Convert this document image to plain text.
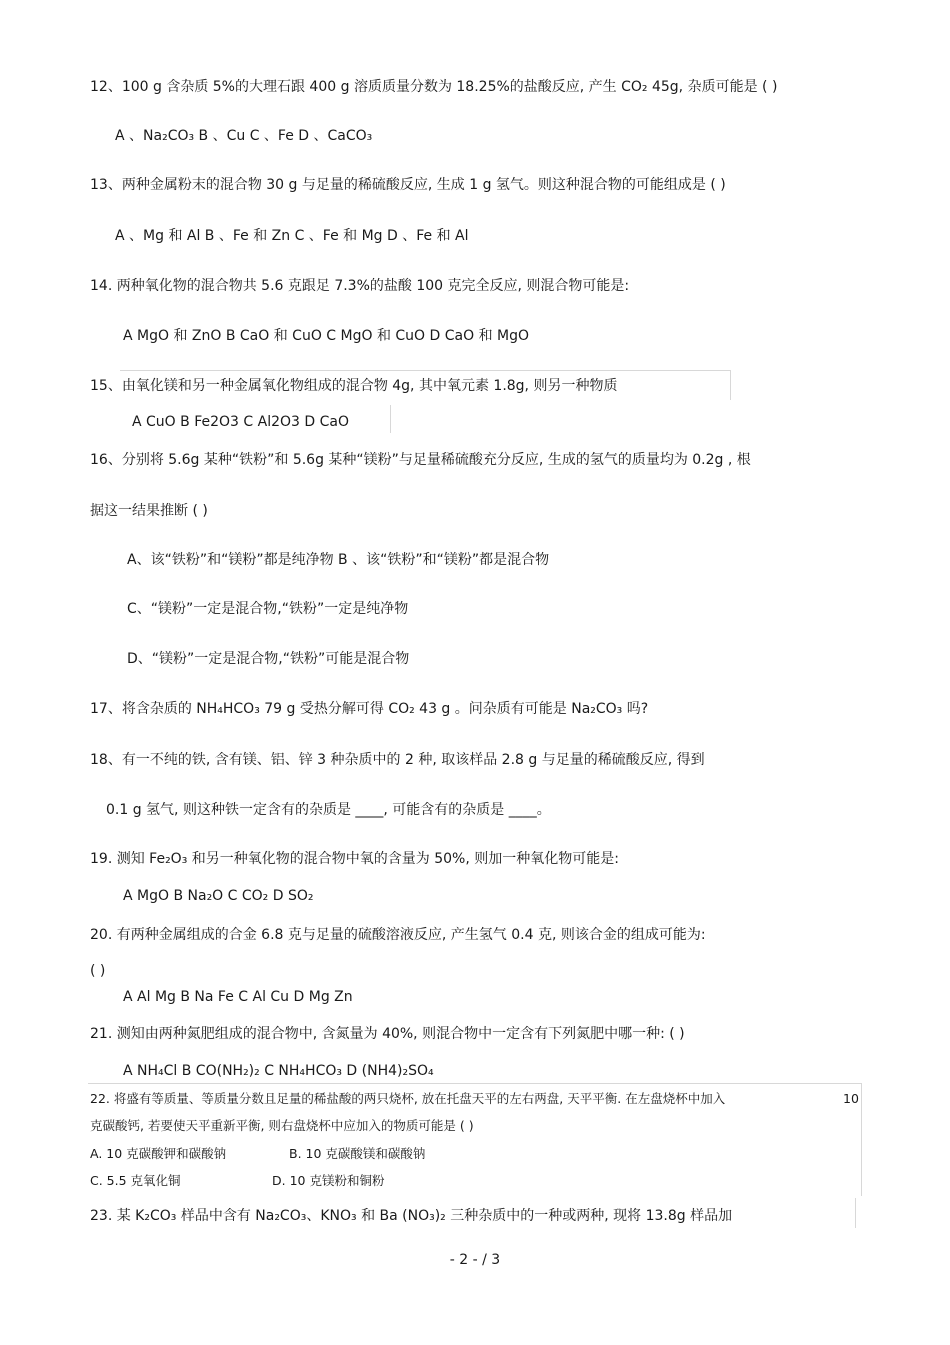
12、100 g 含杂质 5%的大理石跟 400 g 溶质质量分数为 18.25%的盐酸反应, 产生 CO₂ 45g, 杂质可能是 ( )
A 、Na₂CO₃ B 、Cu C 、Fe D 、CaCO₃
13、两种金属粉末的混合物 30 g 与足量的稀硫酸反应, 生成 1 g 氢气。则这种混合物的可能组成是 ( )
A 、Mg 和 Al B 、Fe 和 Zn C 、Fe 和 Mg D 、Fe 和 Al
14. 两种氧化物的混合物共 5.6 克跟足 7.3%的盐酸 100 克完全反应, 则混合物可能是:
A MgO 和 ZnO B CaO 和 CuO C MgO 和 CuO D CaO 和 MgO
15、由氧化镁和另一种金属氧化物组成的混合物 4g, 其中氧元素 1.8g, 则另一种物质
A CuO B Fe2O3 C Al2O3 D CaO
16、分别将 5.6g 某种“铁粉”和 5.6g 某种“镁粉”与足量稀硫酸充分反应, 生成的氢气的质量均为 0.2g , 根
据这一结果推断 ( )
A、该“铁粉”和“镁粉”都是纯净物 B 、该“铁粉”和“镁粉”都是混合物
C、“镁粉”一定是混合物,“铁粉”一定是纯净物
D、“镁粉”一定是混合物,“铁粉”可能是混合物
17、将含杂质的 NH₄HCO₃ 79 g 受热分解可得 CO₂ 43 g 。问杂质有可能是 Na₂CO₃ 吗?
18、有一不纯的铁, 含有镁、铝、锌 3 种杂质中的 2 种, 取该样品 2.8 g 与足量的稀硫酸反应, 得到
0.1 g 氢气, 则这种铁一定含有的杂质是 ____, 可能含有的杂质是 ____。
19. 测知 Fe₂O₃ 和另一种氧化物的混合物中氧的含量为 50%, 则加一种氧化物可能是:
A MgO B Na₂O C CO₂ D SO₂
20. 有两种金属组成的合金 6.8 克与足量的硫酸溶液反应, 产生氢气 0.4 克, 则该合金的组成可能为:
( )
A Al Mg B Na Fe C Al Cu D Mg Zn
21. 测知由两种氮肥组成的混合物中, 含氮量为 40%, 则混合物中一定含有下列氮肥中哪一种: ( )
A NH₄Cl B CO(NH₂)₂ C NH₄HCO₃ D (NH4)₂SO₄
22. 将盛有等质量、等质量分数且足量的稀盐酸的两只烧杯, 放在托盘天平的左右两盘, 天平平衡. 在左盘烧杯中加入	10
克碳酸钙, 若要使天平重新平衡, 则右盘烧杯中应加入的物质可能是 ( )
A. 10 克碳酸钾和碳酸钠	B. 10 克碳酸镁和碳酸钠
C. 5.5 克氧化铜	D. 10 克镁粉和铜粉
23. 某 K₂CO₃ 样品中含有 Na₂CO₃、KNO₃ 和 Ba (NO₃)₂ 三种杂质中的一种或两种, 现将 13.8g 样品加
- 2 - / 3
